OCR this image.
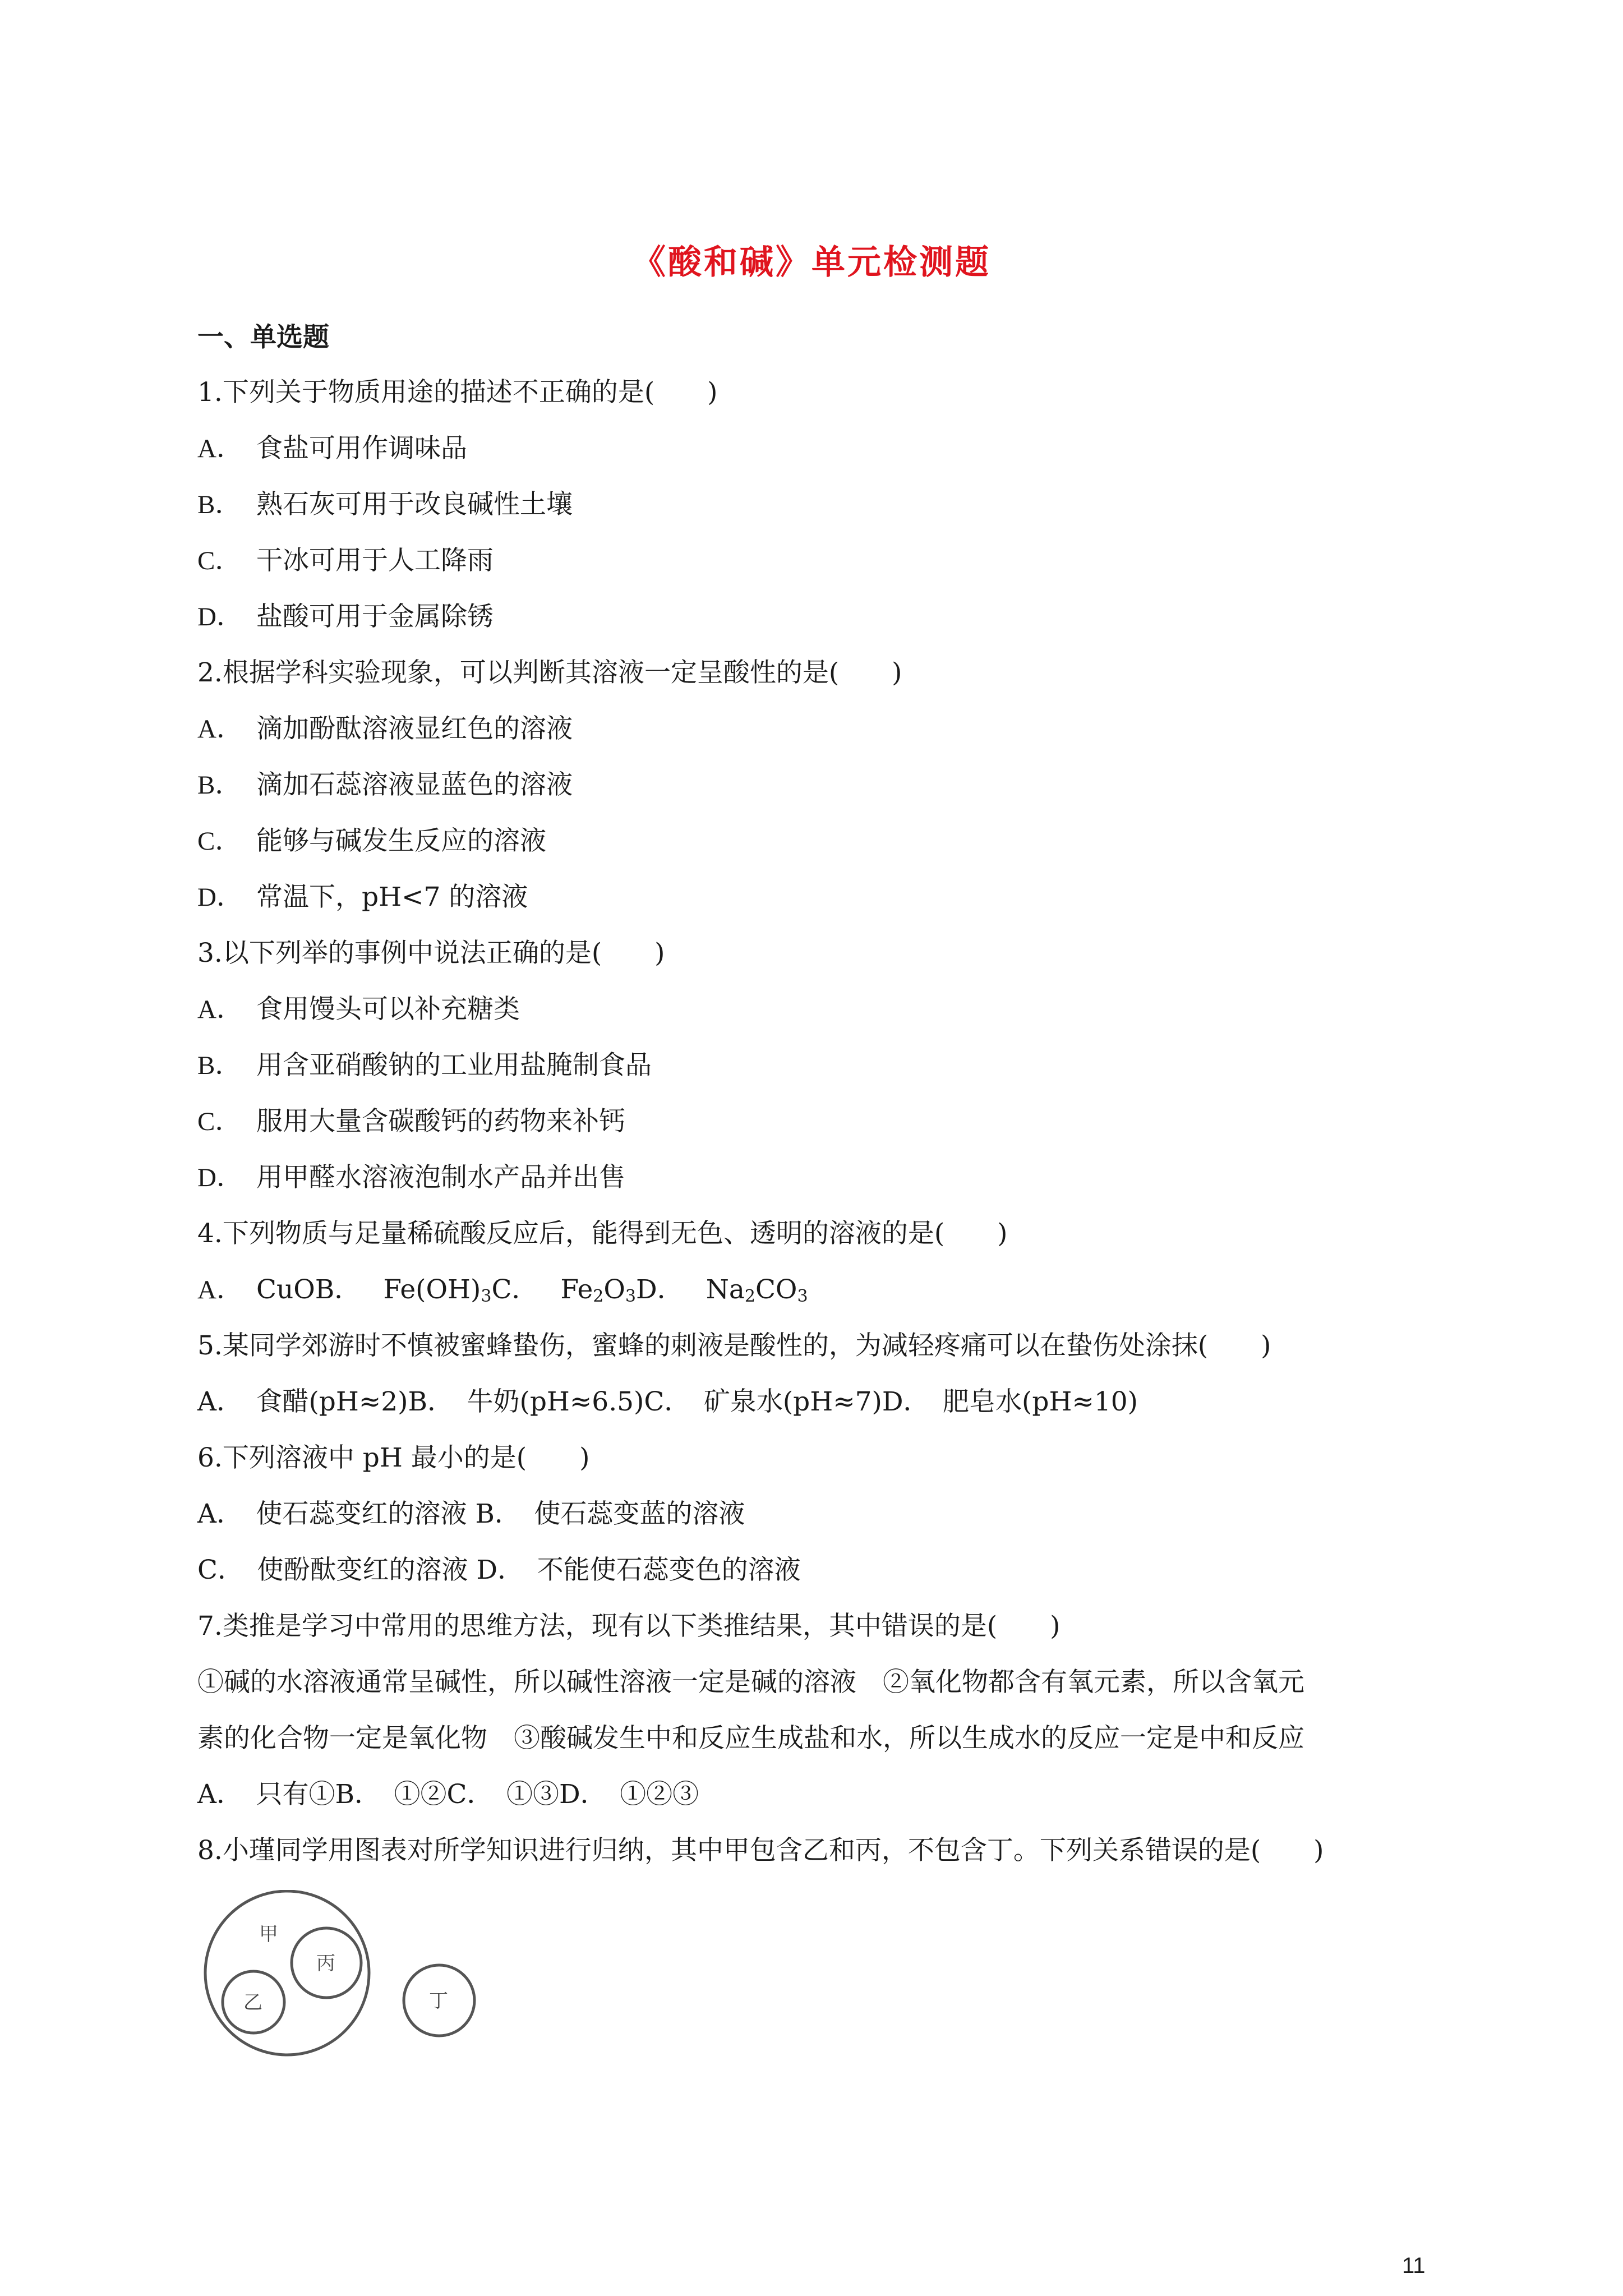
《酸和碱》单元检测题
一、单选题
1.下列关于物质用途的描述不正确的是(　　)
A． 食盐可用作调味品
B． 熟石灰可用于改良碱性土壤
C． 干冰可用于人工降雨
D． 盐酸可用于金属除锈
2.根据学科实验现象，可以判断其溶液一定呈酸性的是(　　)
A． 滴加酚酞溶液显红色的溶液
B． 滴加石蕊溶液显蓝色的溶液
C． 能够与碱发生反应的溶液
D． 常温下，pH<7 的溶液
3.以下列举的事例中说法正确的是(　　)
A． 食用馒头可以补充糖类
B． 用含亚硝酸钠的工业用盐腌制食品
C． 服用大量含碳酸钙的药物来补钙
D． 用甲醛水溶液泡制水产品并出售
4.下列物质与足量稀硫酸反应后，能得到无色、透明的溶液的是(　　)
A． CuOB． $Fe(OH)_3C$． $Fe_2O_3D$． $Na_2CO_3$
5.某同学郊游时不慎被蜜蜂蛰伤，蜜蜂的刺液是酸性的，为减轻疼痛可以在蛰伤处涂抹(　　)
A．　食醋(pH≈2)B．　牛奶(pH≈6.5)C．　矿泉水(pH≈7)D．　肥皂水(pH≈10)
6.下列溶液中 pH 最小的是(　　)
A．　使石蕊变红的溶液 B．　使石蕊变蓝的溶液
C．　使酚酞变红的溶液 D．　不能使石蕊变色的溶液
7.类推是学习中常用的思维方法，现有以下类推结果，其中错误的是(　　)
①碱的水溶液通常呈碱性，所以碱性溶液一定是碱的溶液　②氧化物都含有氧元素，所以含氧元
素的化合物一定是氧化物　③酸碱发生中和反应生成盐和水，所以生成水的反应一定是中和反应
A．　只有①B．　①②C．　①③D．　①②③
8.小瑾同学用图表对所学知识进行归纳，其中甲包含乙和丙，不包含丁。下列关系错误的是(　　)
甲
乙
丙
丁
11
